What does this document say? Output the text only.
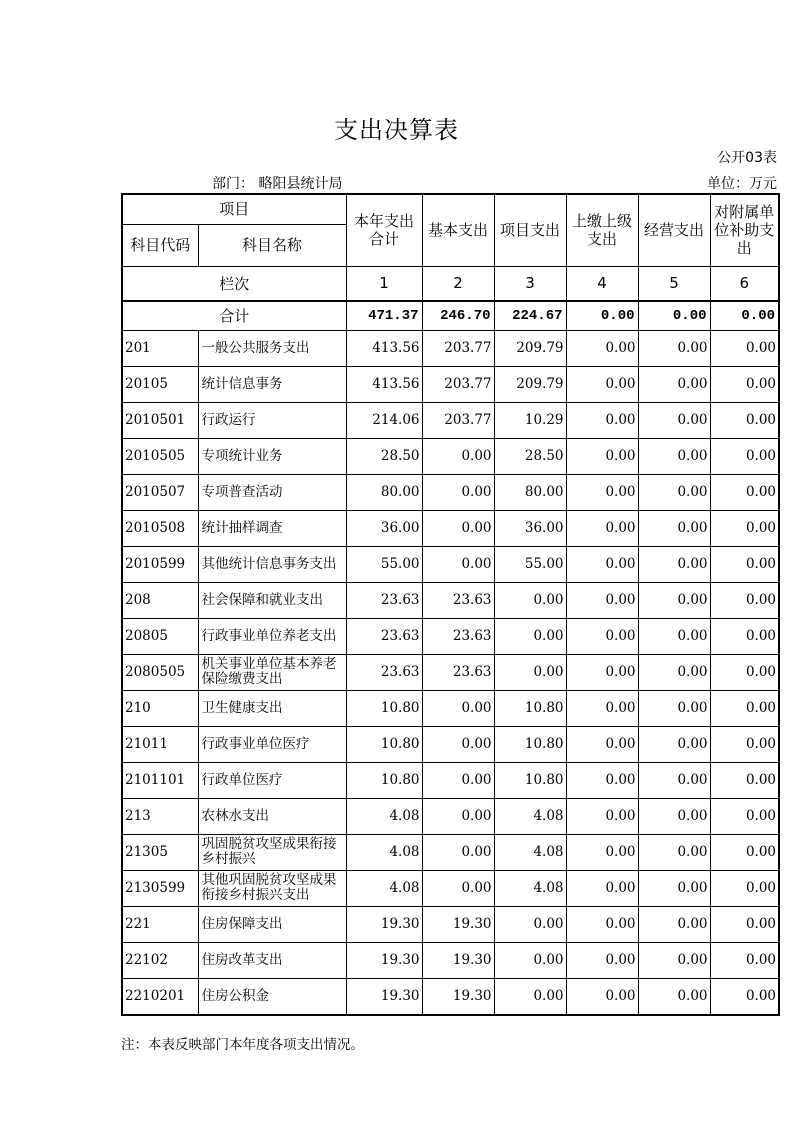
支出决算表
公开03表
部门： 略阳县统计局	单位：万元
项目		本年支出合计	基本支出	项目支出	上缴上级支出	经营支出	对附属单位补助支出
科目代码	科目名称						
栏次		1	2	3	4	5	6
合计		471.37	246.70	224.67	0.00	0.00	0.00
201	一般公共服务支出	413.56	203.77	209.79	0.00	0.00	0.00
20105	统计信息事务	413.56	203.77	209.79	0.00	0.00	0.00
2010501	行政运行	214.06	203.77	10.29	0.00	0.00	0.00
2010505	专项统计业务	28.50	0.00	28.50	0.00	0.00	0.00
2010507	专项普查活动	80.00	0.00	80.00	0.00	0.00	0.00
2010508	统计抽样调查	36.00	0.00	36.00	0.00	0.00	0.00
2010599	其他统计信息事务支出	55.00	0.00	55.00	0.00	0.00	0.00
208	社会保障和就业支出	23.63	23.63	0.00	0.00	0.00	0.00
20805	行政事业单位养老支出	23.63	23.63	0.00	0.00	0.00	0.00
2080505	机关事业单位基本养老保险缴费支出	23.63	23.63	0.00	0.00	0.00	0.00
210	卫生健康支出	10.80	0.00	10.80	0.00	0.00	0.00
21011	行政事业单位医疗	10.80	0.00	10.80	0.00	0.00	0.00
2101101	行政单位医疗	10.80	0.00	10.80	0.00	0.00	0.00
213	农林水支出	4.08	0.00	4.08	0.00	0.00	0.00
21305	巩固脱贫攻坚成果衔接乡村振兴	4.08	0.00	4.08	0.00	0.00	0.00
2130599	其他巩固脱贫攻坚成果衔接乡村振兴支出	4.08	0.00	4.08	0.00	0.00	0.00
221	住房保障支出	19.30	19.30	0.00	0.00	0.00	0.00
22102	住房改革支出	19.30	19.30	0.00	0.00	0.00	0.00
2210201	住房公积金	19.30	19.30	0.00	0.00	0.00	0.00
注：本表反映部门本年度各项支出情况。
